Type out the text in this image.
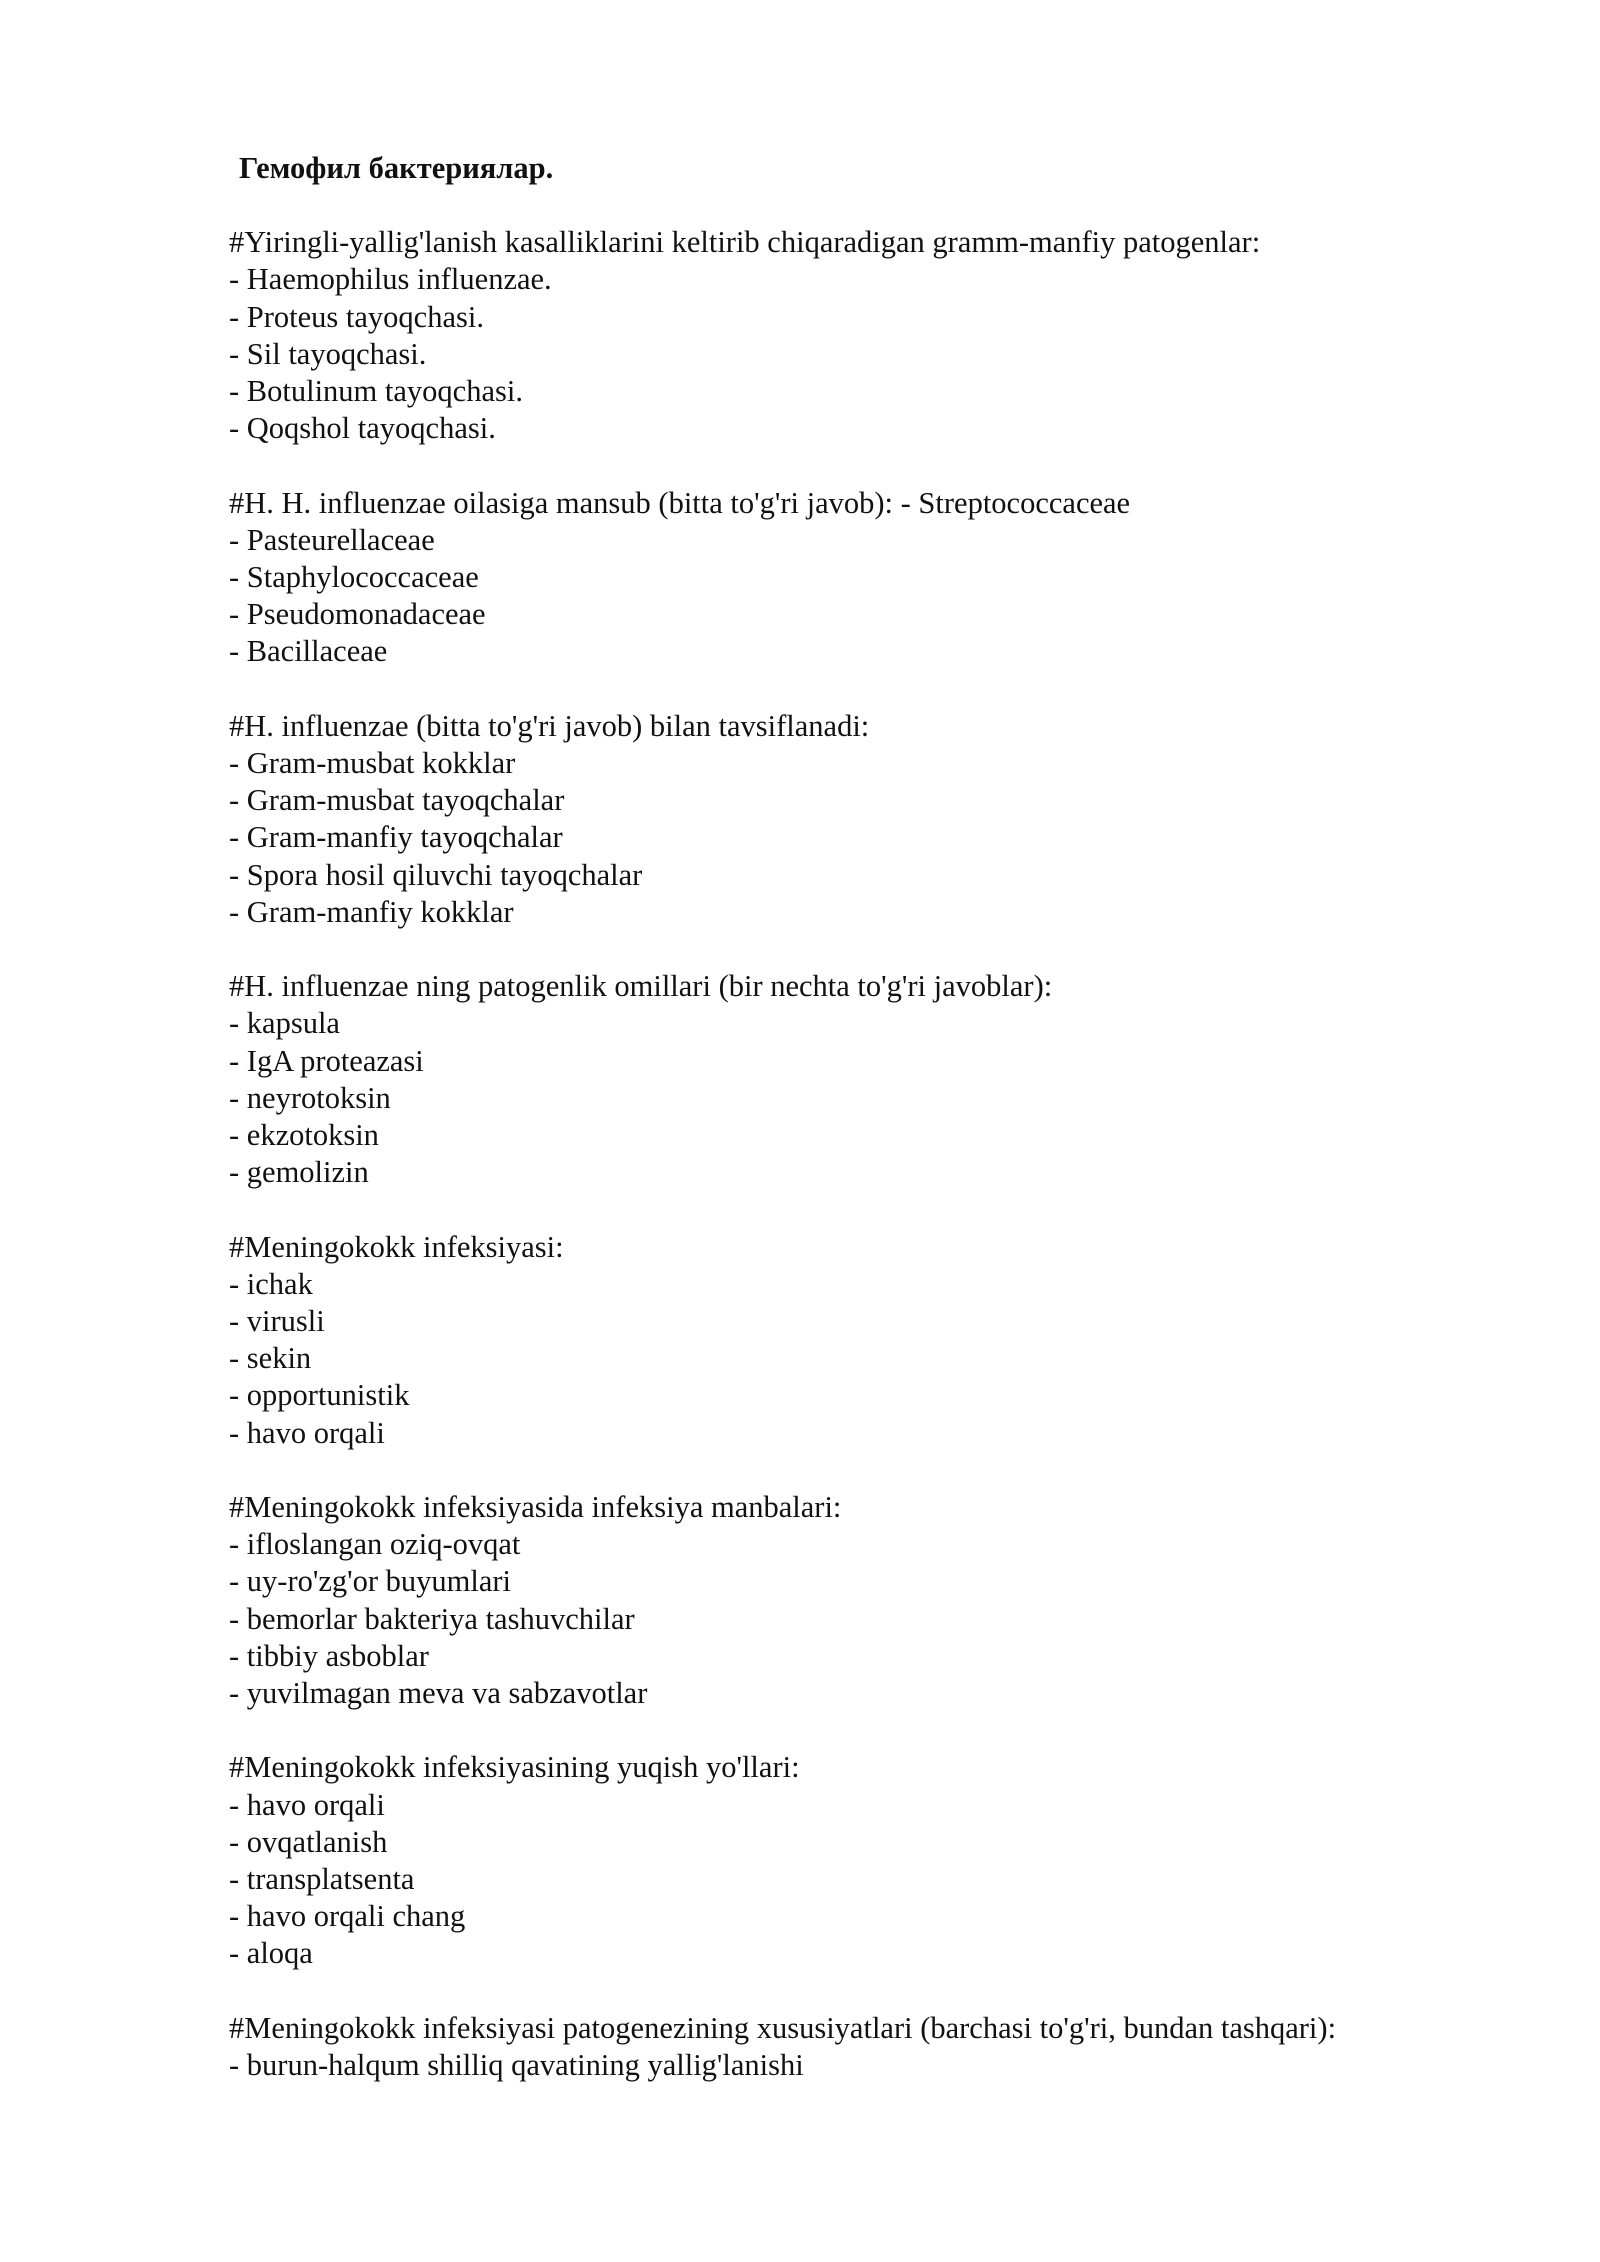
Гемофил бактериялар.
#Yiringli-yallig'lanish kasalliklarini keltirib chiqaradigan gramm-manfiy patogenlar:
- Haemophilus influenzae.
- Proteus tayoqchasi.
- Sil tayoqchasi.
- Botulinum tayoqchasi.
- Qoqshol tayoqchasi.
#H. H. influenzae oilasiga mansub (bitta to'g'ri javob): - Streptococcaceae
- Pasteurellaceae
- Staphylococcaceae
- Pseudomonadaceae
- Bacillaceae
#H. influenzae (bitta to'g'ri javob) bilan tavsiflanadi:
- Gram-musbat kokklar
- Gram-musbat tayoqchalar
- Gram-manfiy tayoqchalar
- Spora hosil qiluvchi tayoqchalar
- Gram-manfiy kokklar
#H. influenzae ning patogenlik omillari (bir nechta to'g'ri javoblar):
- kapsula
- IgA proteazasi
- neyrotoksin
- ekzotoksin
- gemolizin
#Meningokokk infeksiyasi:
- ichak
- virusli
- sekin
- opportunistik
- havo orqali
#Meningokokk infeksiyasida infeksiya manbalari:
- ifloslangan oziq-ovqat
- uy-ro'zg'or buyumlari
- bemorlar bakteriya tashuvchilar
- tibbiy asboblar
- yuvilmagan meva va sabzavotlar
#Meningokokk infeksiyasining yuqish yo'llari:
- havo orqali
- ovqatlanish
- transplatsenta
- havo orqali chang
- aloqa
#Meningokokk infeksiyasi patogenezining xususiyatlari (barchasi to'g'ri, bundan tashqari):
- burun-halqum shilliq qavatining yallig'lanishi
